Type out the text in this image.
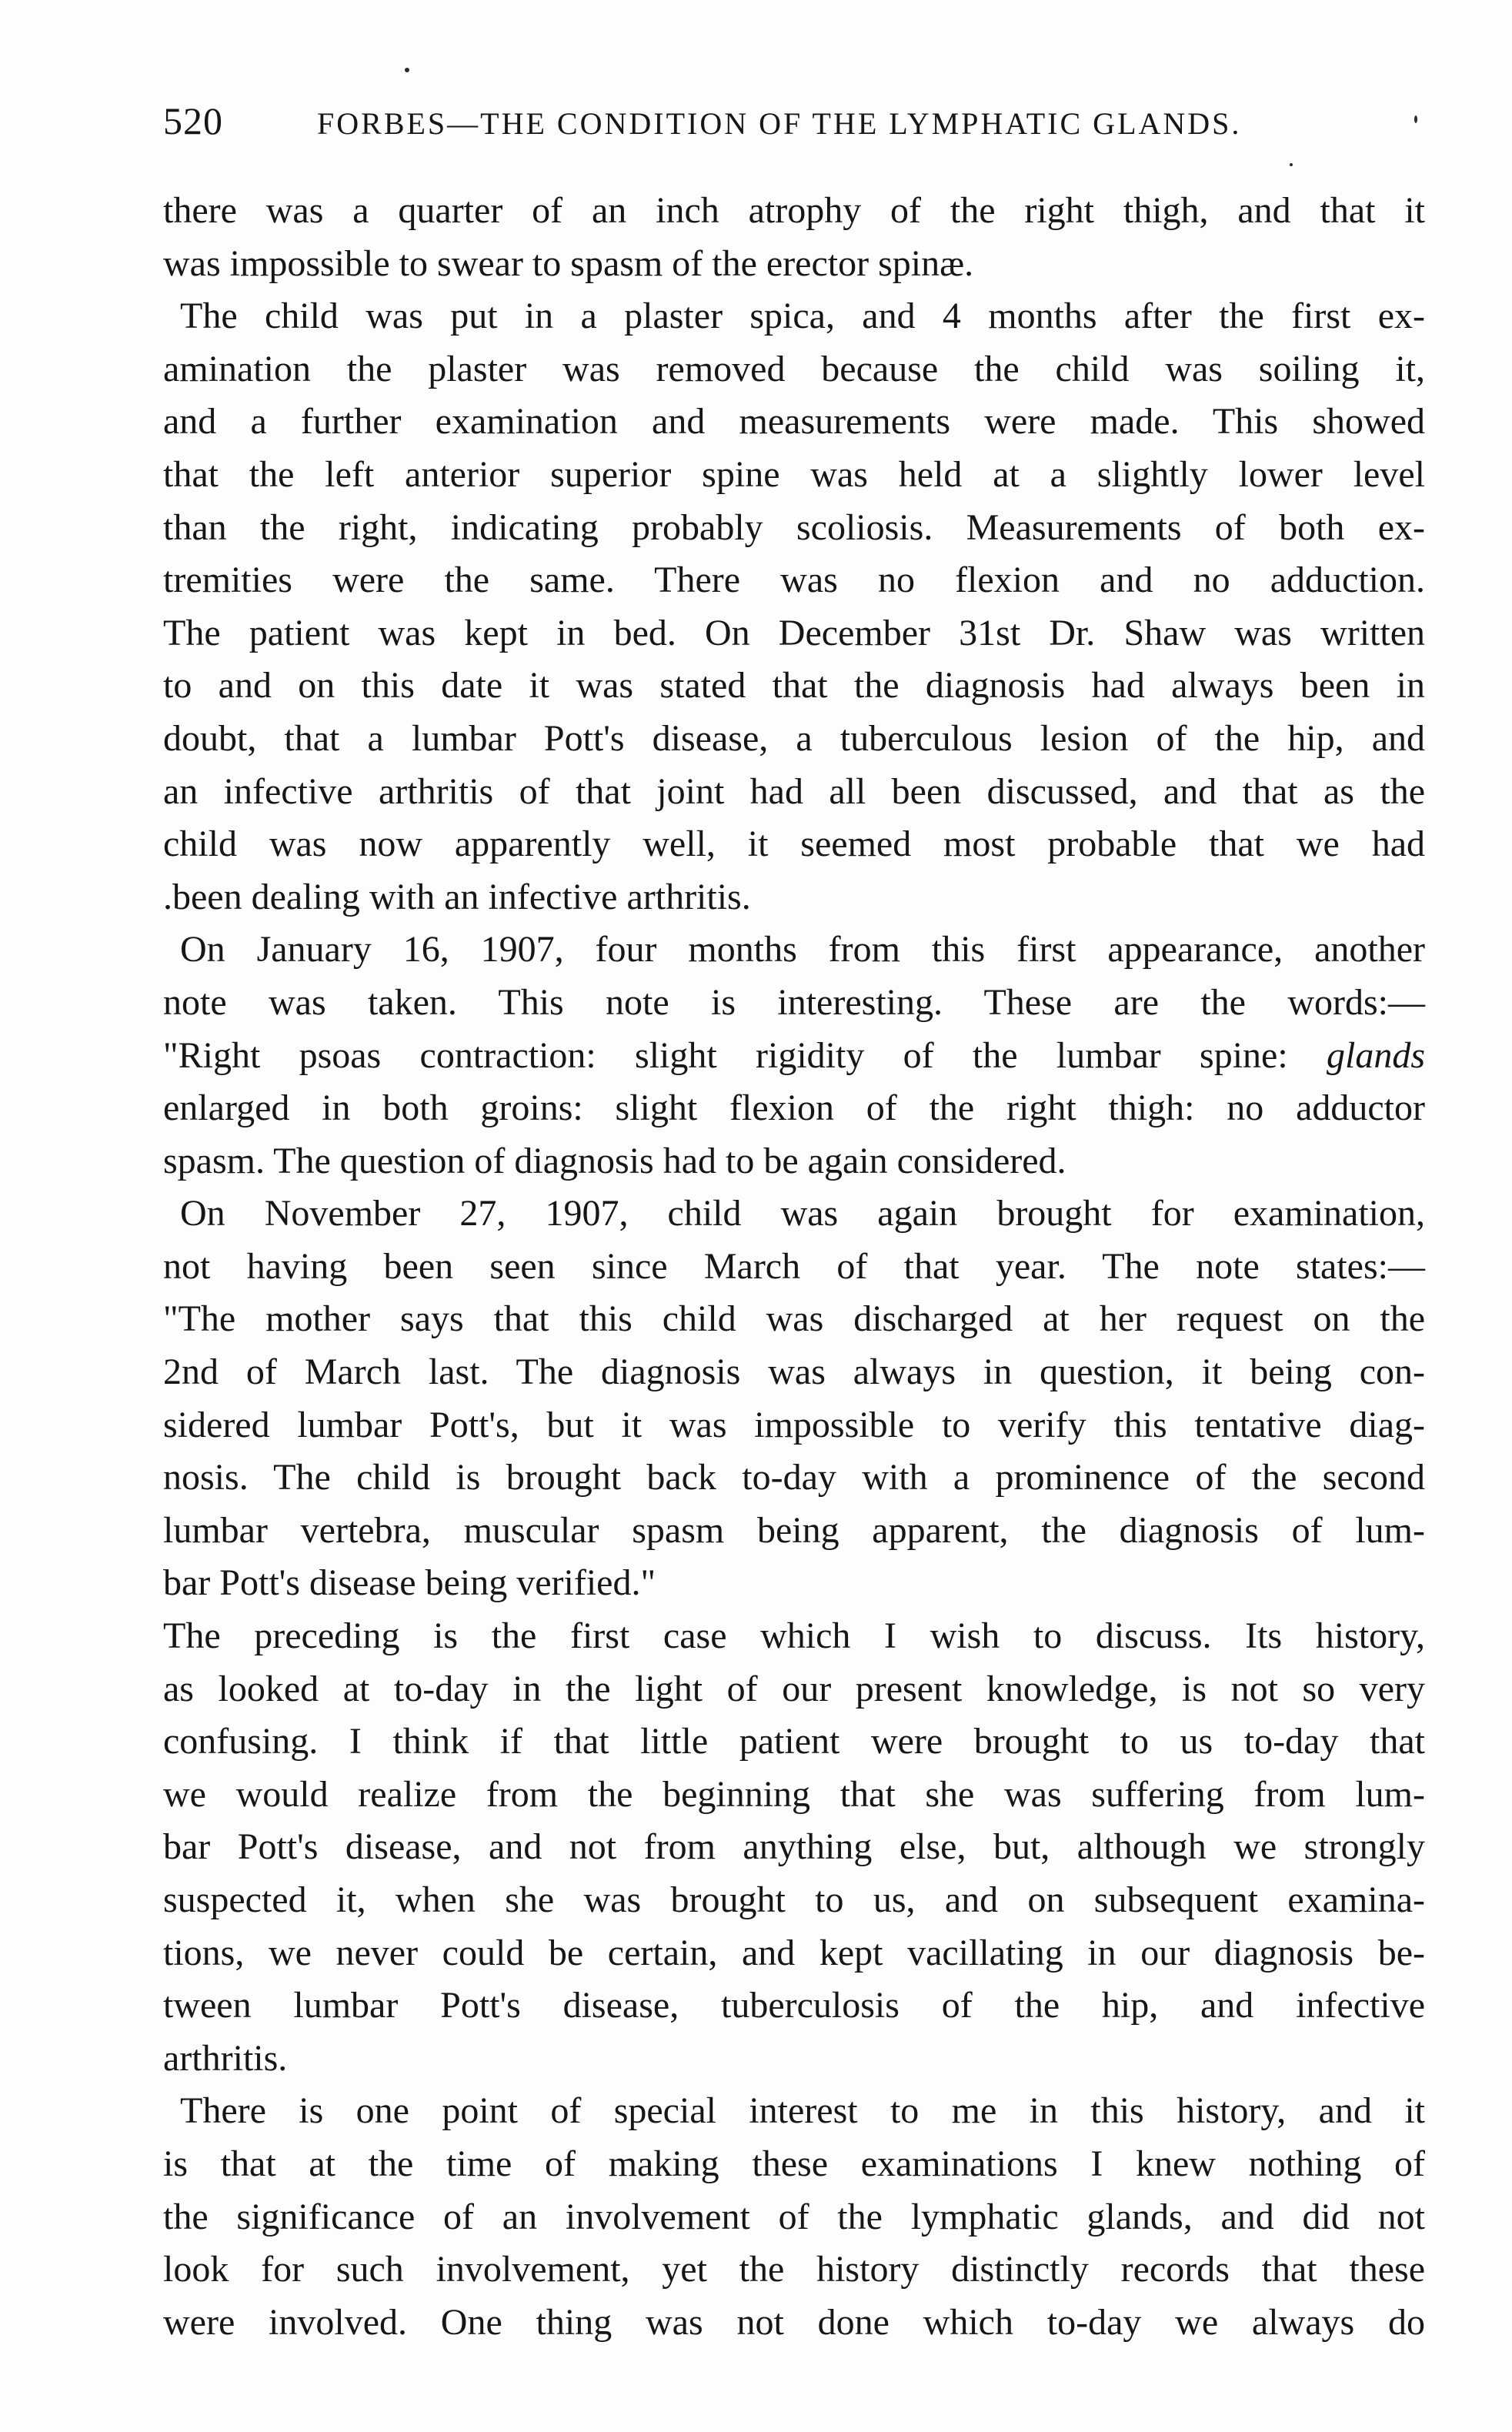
520	FORBES—THE CONDITION OF THE LYMPHATIC GLANDS.
there was a quarter of an inch atrophy of the right thigh, and that it
was impossible to swear to spasm of the erector spinæ.
The child was put in a plaster spica, and 4 months after the first ex-
amination the plaster was removed because the child was soiling it,
and a further examination and measurements were made. This showed
that the left anterior superior spine was held at a slightly lower level
than the right, indicating probably scoliosis. Measurements of both ex-
tremities were the same. There was no flexion and no adduction.
The patient was kept in bed. On December 31st Dr. Shaw was written
to and on this date it was stated that the diagnosis had always been in
doubt, that a lumbar Pott's disease, a tuberculous lesion of the hip, and
an infective arthritis of that joint had all been discussed, and that as the
child was now apparently well, it seemed most probable that we had
.been dealing with an infective arthritis.
On January 16, 1907, four months from this first appearance, another
note was taken. This note is interesting. These are the words:—
"Right psoas contraction: slight rigidity of the lumbar spine: glands
enlarged in both groins: slight flexion of the right thigh: no adductor
spasm. The question of diagnosis had to be again considered.
On November 27, 1907, child was again brought for examination,
not having been seen since March of that year. The note states:—
"The mother says that this child was discharged at her request on the
2nd of March last. The diagnosis was always in question, it being con-
sidered lumbar Pott's, but it was impossible to verify this tentative diag-
nosis. The child is brought back to-day with a prominence of the second
lumbar vertebra, muscular spasm being apparent, the diagnosis of lum-
bar Pott's disease being verified."
The preceding is the first case which I wish to discuss. Its history,
as looked at to-day in the light of our present knowledge, is not so very
confusing. I think if that little patient were brought to us to-day that
we would realize from the beginning that she was suffering from lum-
bar Pott's disease, and not from anything else, but, although we strongly
suspected it, when she was brought to us, and on subsequent examina-
tions, we never could be certain, and kept vacillating in our diagnosis be-
tween lumbar Pott's disease, tuberculosis of the hip, and infective
arthritis.
There is one point of special interest to me in this history, and it
is that at the time of making these examinations I knew nothing of
the significance of an involvement of the lymphatic glands, and did not
look for such involvement, yet the history distinctly records that these
were involved. One thing was not done which to-day we always do
